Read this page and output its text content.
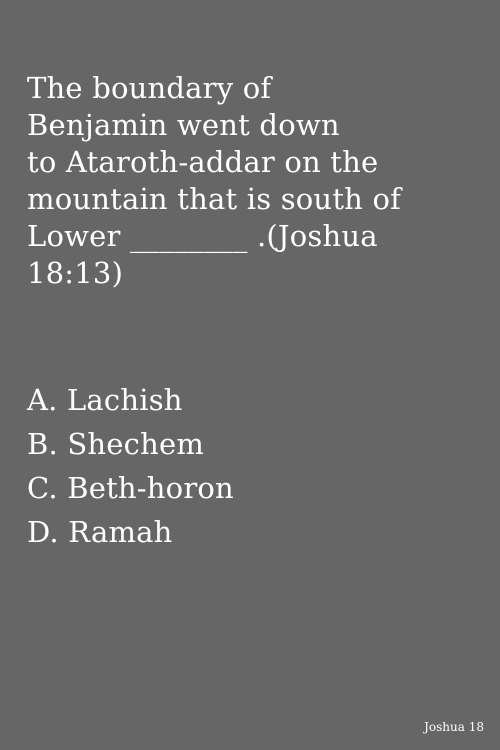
The boundary of
Benjamin went down
to Ataroth-addar on the
mountain that is south of
Lower ________ .(Joshua
18:13)
A. Lachish
B. Shechem
C. Beth-horon
D. Ramah
Joshua 18
